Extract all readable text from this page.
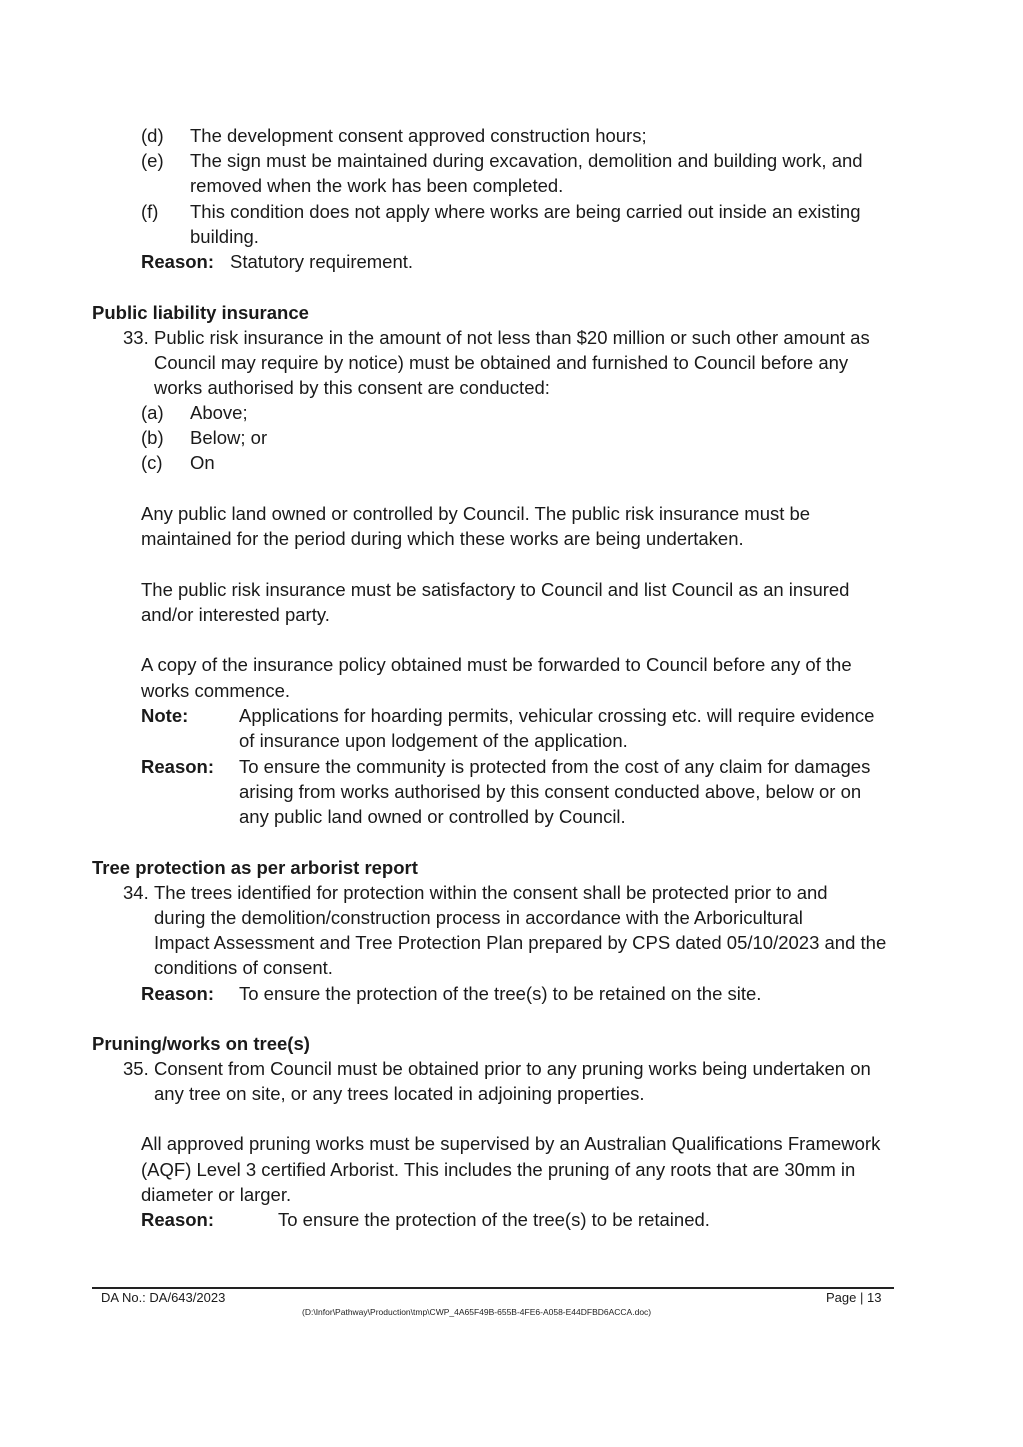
(d) The development consent approved construction hours;
(e) The sign must be maintained during excavation, demolition and building work, and
removed when the work has been completed.
(f) This condition does not apply where works are being carried out inside an existing
building.
Reason: Statutory requirement.
Public liability insurance
33. Public risk insurance in the amount of not less than $20 million or such other amount as
Council may require by notice) must be obtained and furnished to Council before any
works authorised by this consent are conducted:
(a) Above;
(b) Below; or
(c) On
Any public land owned or controlled by Council. The public risk insurance must be
maintained for the period during which these works are being undertaken.
The public risk insurance must be satisfactory to Council and list Council as an insured
and/or interested party.
A copy of the insurance policy obtained must be forwarded to Council before any of the
works commence.
Note:	Applications for hoarding permits, vehicular crossing etc. will require evidence
of insurance upon lodgement of the application.
Reason: To ensure the community is protected from the cost of any claim for damages
arising from works authorised by this consent conducted above, below or on
any public land owned or controlled by Council.
Tree protection as per arborist report
34. The trees identified for protection within the consent shall be protected prior to and
during the demolition/construction process in accordance with the Arboricultural
Impact Assessment and Tree Protection Plan prepared by CPS dated 05/10/2023 and the
conditions of consent.
Reason: To ensure the protection of the tree(s) to be retained on the site.
Pruning/works on tree(s)
35. Consent from Council must be obtained prior to any pruning works being undertaken on
any tree on site, or any trees located in adjoining properties.
All approved pruning works must be supervised by an Australian Qualifications Framework
(AQF) Level 3 certified Arborist. This includes the pruning of any roots that are 30mm in
diameter or larger.
Reason:	To ensure the protection of the tree(s) to be retained.
DA No.: DA/643/2023	Page | 13
(D:\Infor\Pathway\Production\tmp\CWP_4A65F49B-655B-4FE6-A058-E44DFBD6ACCA.doc)
